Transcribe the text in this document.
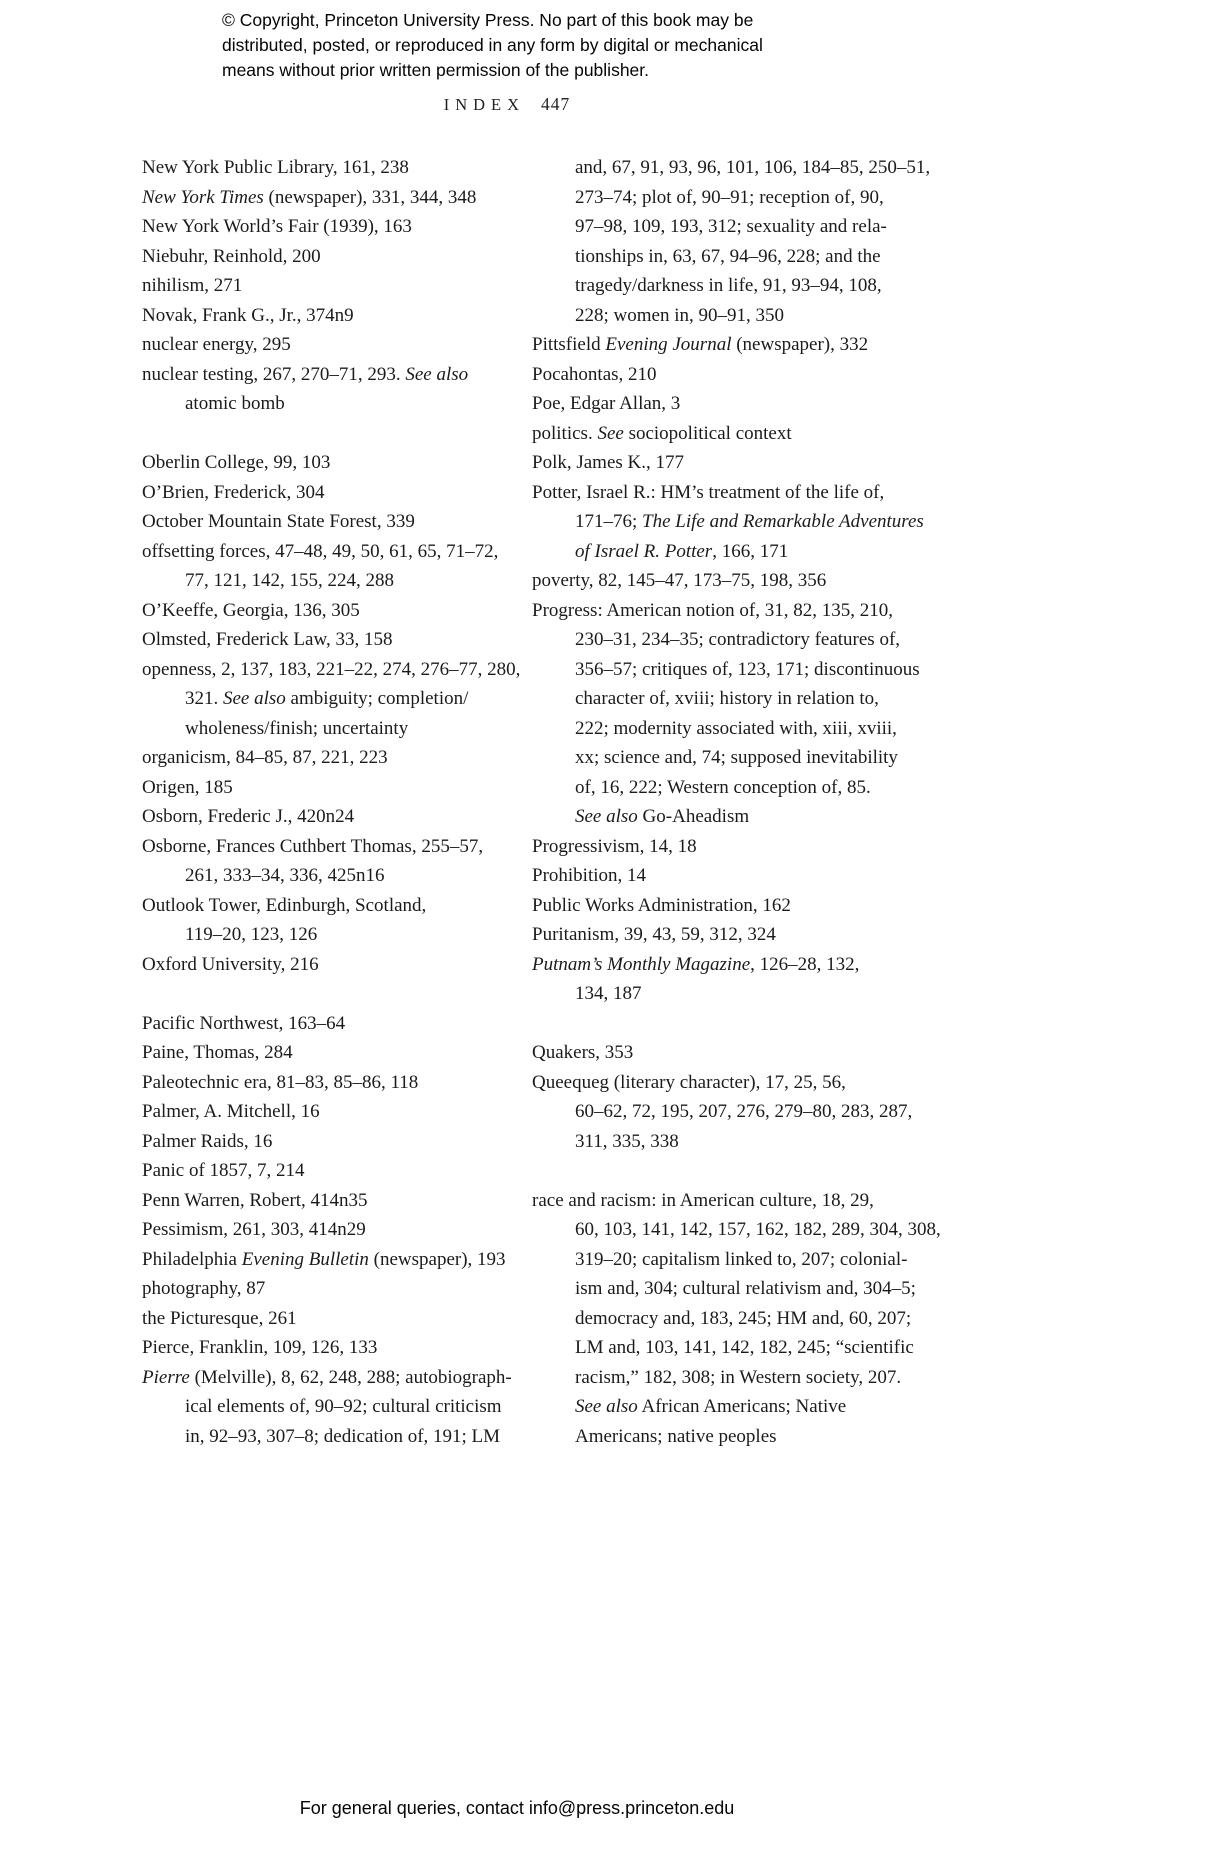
© Copyright, Princeton University Press. No part of this book may be
distributed, posted, or reproduced in any form by digital or mechanical
means without prior written permission of the publisher.
INDEX 447
New York Public Library, 161, 238
New York Times (newspaper), 331, 344, 348
New York World’s Fair (1939), 163
Niebuhr, Reinhold, 200
nihilism, 271
Novak, Frank G., Jr., 374n9
nuclear energy, 295
nuclear testing, 267, 270–71, 293. See also
atomic bomb

Oberlin College, 99, 103
O’Brien, Frederick, 304
October Mountain State Forest, 339
offsetting forces, 47–48, 49, 50, 61, 65, 71–72,
77, 121, 142, 155, 224, 288
O’Keeffe, Georgia, 136, 305
Olmsted, Frederick Law, 33, 158
openness, 2, 137, 183, 221–22, 274, 276–77, 280,
321. See also ambiguity; completion/
wholeness/finish; uncertainty
organicism, 84–85, 87, 221, 223
Origen, 185
Osborn, Frederic J., 420n24
Osborne, Frances Cuthbert Thomas, 255–57,
261, 333–34, 336, 425n16
Outlook Tower, Edinburgh, Scotland,
119–20, 123, 126
Oxford University, 216

Pacific Northwest, 163–64
Paine, Thomas, 284
Paleotechnic era, 81–83, 85–86, 118
Palmer, A. Mitchell, 16
Palmer Raids, 16
Panic of 1857, 7, 214
Penn Warren, Robert, 414n35
Pessimism, 261, 303, 414n29
Philadelphia Evening Bulletin (newspaper), 193
photography, 87
the Picturesque, 261
Pierce, Franklin, 109, 126, 133
Pierre (Melville), 8, 62, 248, 288; autobiograph-
ical elements of, 90–92; cultural criticism
in, 92–93, 307–8; dedication of, 191; LM
and, 67, 91, 93, 96, 101, 106, 184–85, 250–51,
273–74; plot of, 90–91; reception of, 90,
97–98, 109, 193, 312; sexuality and rela-
tionships in, 63, 67, 94–96, 228; and the
tragedy/darkness in life, 91, 93–94, 108,
228; women in, 90–91, 350
Pittsfield Evening Journal (newspaper), 332
Pocahontas, 210
Poe, Edgar Allan, 3
politics. See sociopolitical context
Polk, James K., 177
Potter, Israel R.: HM’s treatment of the life of,
171–76; The Life and Remarkable Adventures
of Israel R. Potter, 166, 171
poverty, 82, 145–47, 173–75, 198, 356
Progress: American notion of, 31, 82, 135, 210,
230–31, 234–35; contradictory features of,
356–57; critiques of, 123, 171; discontinuous
character of, xviii; history in relation to,
222; modernity associated with, xiii, xviii,
xx; science and, 74; supposed inevitability
of, 16, 222; Western conception of, 85.
See also Go-Aheadism
Progressivism, 14, 18
Prohibition, 14
Public Works Administration, 162
Puritanism, 39, 43, 59, 312, 324
Putnam’s Monthly Magazine, 126–28, 132,
134, 187

Quakers, 353
Queequeg (literary character), 17, 25, 56,
60–62, 72, 195, 207, 276, 279–80, 283, 287,
311, 335, 338

race and racism: in American culture, 18, 29,
60, 103, 141, 142, 157, 162, 182, 289, 304, 308,
319–20; capitalism linked to, 207; colonial-
ism and, 304; cultural relativism and, 304–5;
democracy and, 183, 245; HM and, 60, 207;
LM and, 103, 141, 142, 182, 245; “scientific
racism,” 182, 308; in Western society, 207.
See also African Americans; Native
Americans; native peoples
For general queries, contact info@press.princeton.edu
